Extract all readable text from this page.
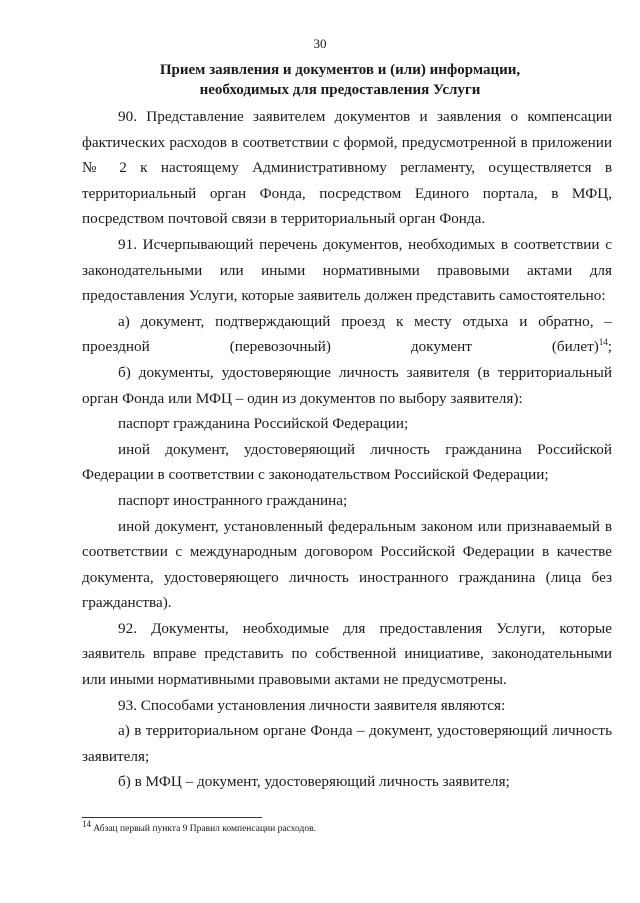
30
Прием заявления и документов и (или) информации,
необходимых для предоставления Услуги

90. Представление заявителем документов и заявления о компенсации фактических расходов в соответствии с формой, предусмотренной в приложении № 2 к настоящему Административному регламенту, осуществляется в территориальный орган Фонда, посредством Единого портала, в МФЦ, посредством почтовой связи в территориальный орган Фонда.

91. Исчерпывающий перечень документов, необходимых в соответствии с законодательными или иными нормативными правовыми актами для предоставления Услуги, которые заявитель должен представить самостоятельно:

а) документ, подтверждающий проезд к месту отдыха и обратно, – проездной (перевозочный) документ (билет)$^{14}$;

б) документы, удостоверяющие личность заявителя (в территориальный орган Фонда или МФЦ – один из документов по выбору заявителя):

паспорт гражданина Российской Федерации;

иной документ, удостоверяющий личность гражданина Российской Федерации в соответствии с законодательством Российской Федерации;

паспорт иностранного гражданина;

иной документ, установленный федеральным законом или признаваемый в соответствии с международным договором Российской Федерации в качестве документа, удостоверяющего личность иностранного гражданина (лица без гражданства).

92. Документы, необходимые для предоставления Услуги, которые заявитель вправе представить по собственной инициативе, законодательными или иными нормативными правовыми актами не предусмотрены.

93. Способами установления личности заявителя являются:

а) в территориальном органе Фонда – документ, удостоверяющий личность заявителя;

б) в МФЦ – документ, удостоверяющий личность заявителя;

$^{14}$ Абзац первый пункта 9 Правил компенсации расходов.
